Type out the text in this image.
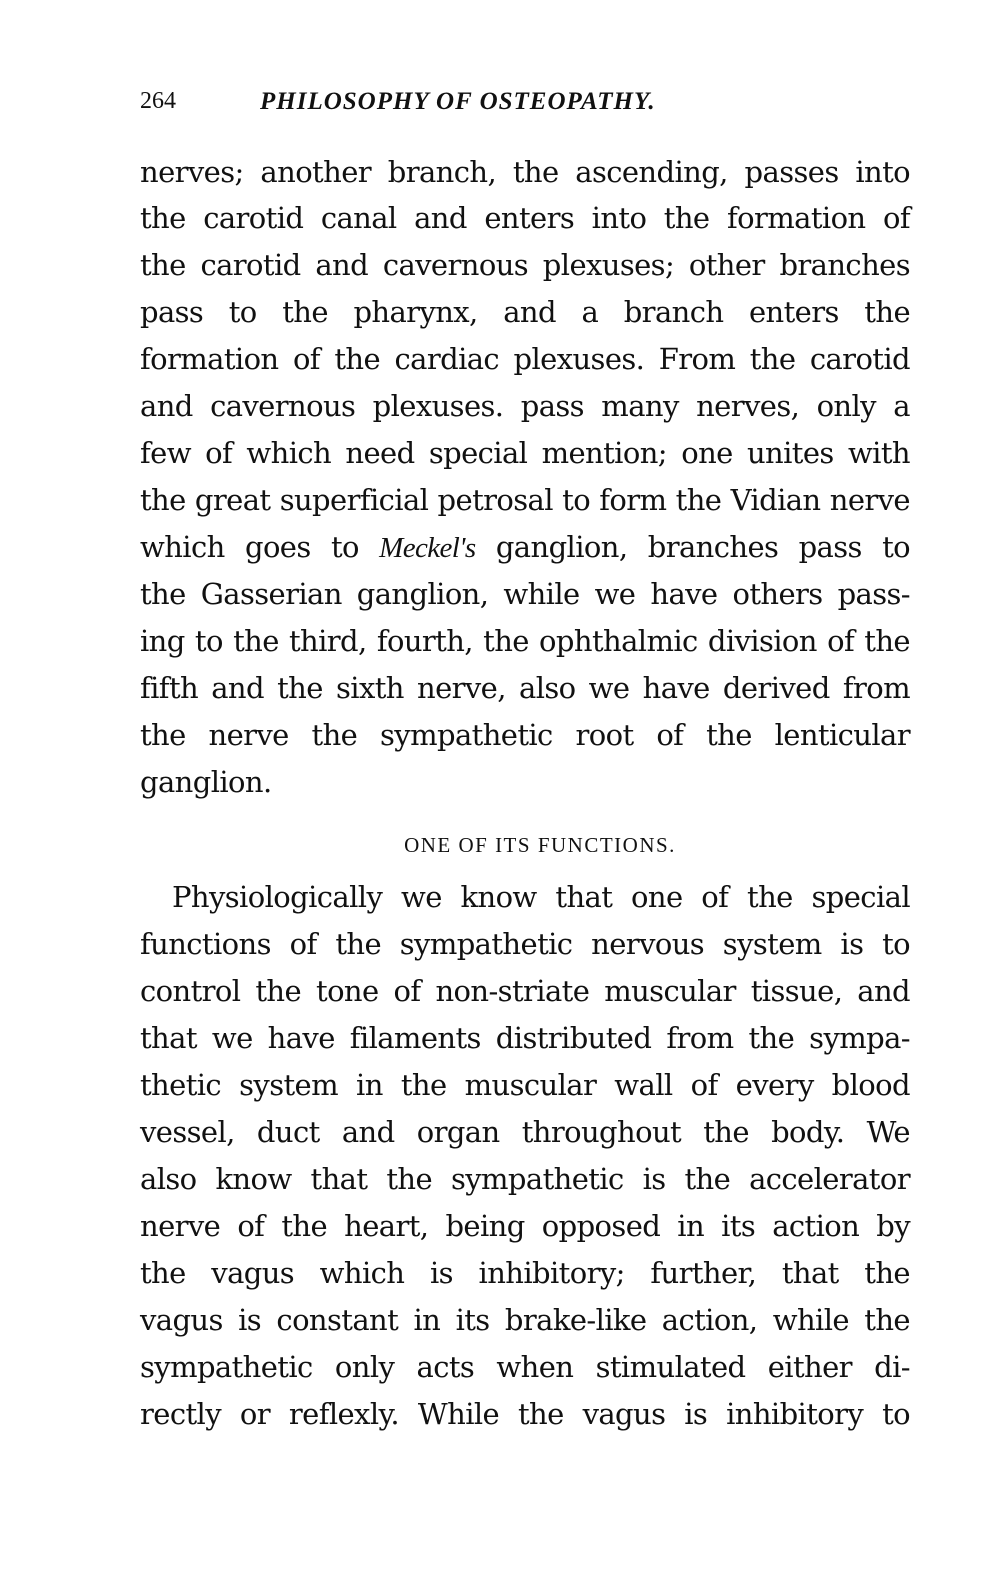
264	PHILOSOPHY OF OSTEOPATHY.
nerves; another branch, the ascending, passes into
the carotid canal and enters into the formation of
the carotid and cavernous plexuses; other branches
pass to the pharynx, and a branch enters the
formation of the cardiac plexuses. From the carotid
and cavernous plexuses. pass many nerves, only a
few of which need special mention; one unites with
the great superficial petrosal to form the Vidian nerve
which goes to Meckel's ganglion, branches pass to
the Gasserian ganglion, while we have others pass-
ing to the third, fourth, the ophthalmic division of the
fifth and the sixth nerve, also we have derived from
the nerve the sympathetic root of the lenticular
ganglion.
ONE OF ITS FUNCTIONS.
Physiologically we know that one of the special
functions of the sympathetic nervous system is to
control the tone of non-striate muscular tissue, and
that we have filaments distributed from the sympa-
thetic system in the muscular wall of every blood
vessel, duct and organ throughout the body. We
also know that the sympathetic is the accelerator
nerve of the heart, being opposed in its action by
the vagus which is inhibitory; further, that the
vagus is constant in its brake-like action, while the
sympathetic only acts when stimulated either di-
rectly or reflexly. While the vagus is inhibitory to
